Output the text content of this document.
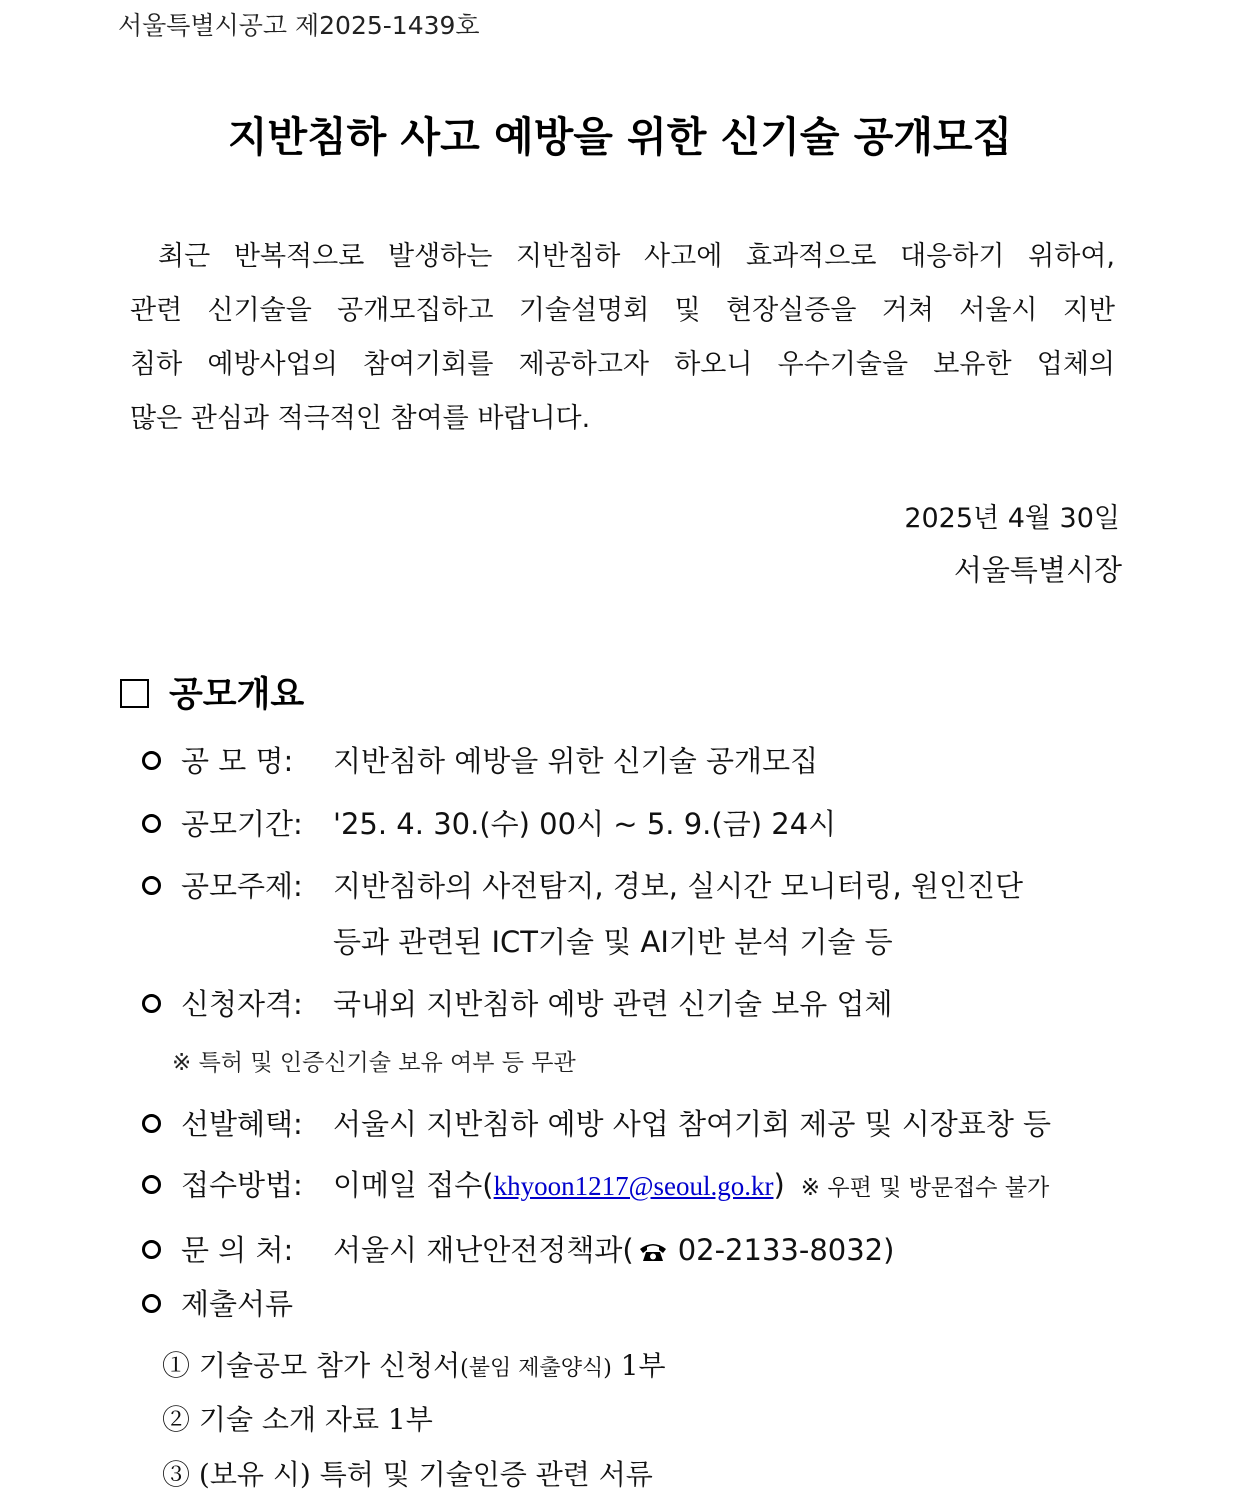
서울특별시공고 제2025-1439호
지반침하 사고 예방을 위한 신기술 공개모집
최근 반복적으로 발생하는 지반침하 사고에 효과적으로 대응하기 위하여,
관련 신기술을 공개모집하고 기술설명회 및 현장실증을 거쳐 서울시 지반
침하 예방사업의 참여기회를 제공하고자 하오니 우수기술을 보유한 업체의
많은 관심과 적극적인 참여를 바랍니다.
2025년 4월 30일
서울특별시장
공모개요
공 모 명: 지반침하 예방을 위한 신기술 공개모집
공모기간: '25. 4. 30.(수) 00시 ~ 5. 9.(금) 24시
공모주제: 지반침하의 사전탐지, 경보, 실시간 모니터링, 원인진단
등과 관련된 ICT기술 및 AI기반 분석 기술 등
신청자격: 국내외 지반침하 예방 관련 신기술 보유 업체
※ 특허 및 인증신기술 보유 여부 등 무관
선발혜택: 서울시 지반침하 예방 사업 참여기회 제공 및 시장표창 등
접수방법: 이메일 접수(khyoon1217@seoul.go.kr) ※ 우편 및 방문접수 불가
문 의 처: 서울시 재난안전정책과( 02-2133-8032)
제출서류
① 기술공모 참가 신청서(붙임 제출양식) 1부
② 기술 소개 자료 1부
③ (보유 시) 특허 및 기술인증 관련 서류
